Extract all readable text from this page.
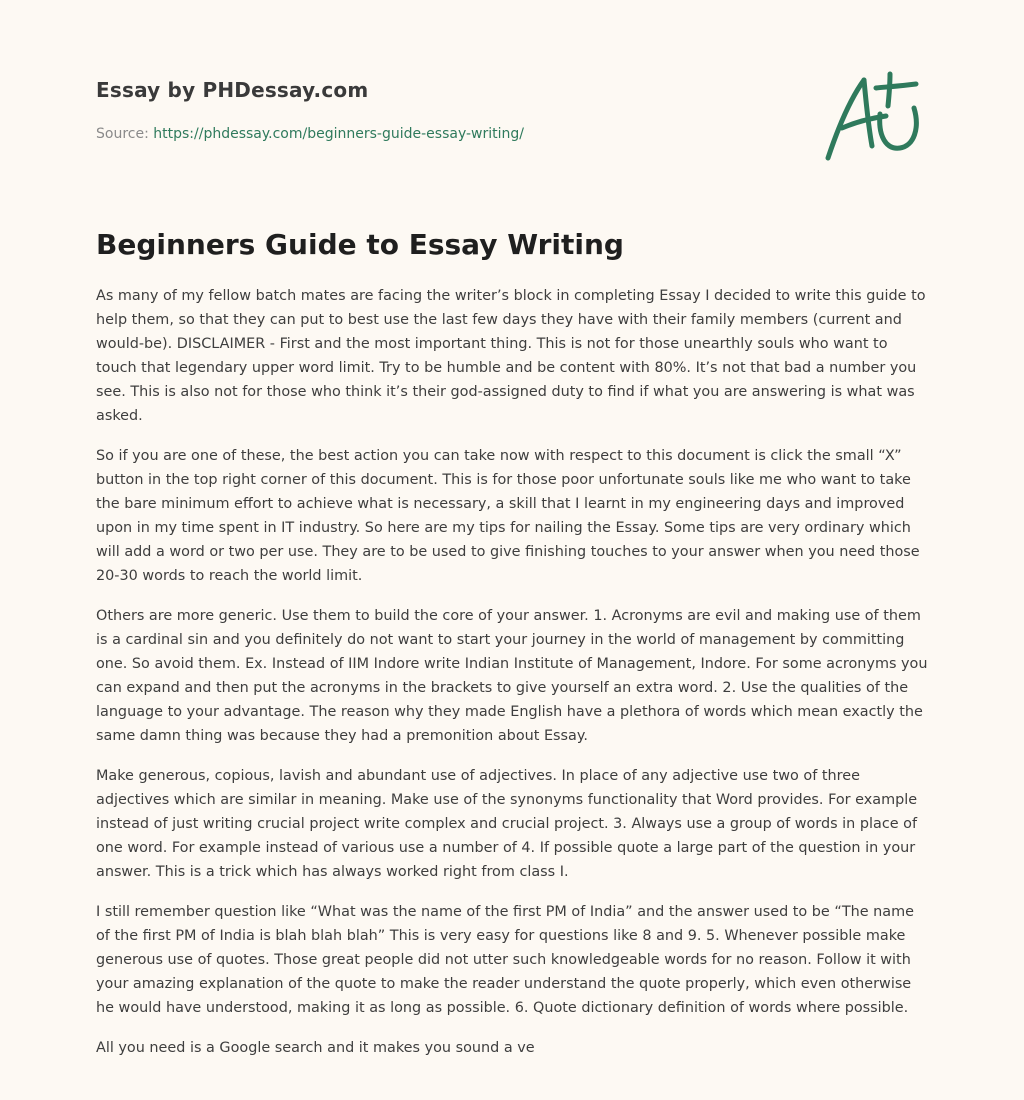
Essay by PHDessay.com
Source: https://phdessay.com/beginners-guide-essay-writing/
Beginners Guide to Essay Writing

As many of my fellow batch mates are facing the writer’s block in completing Essay I decided to write this guide to help them, so that they can put to best use the last few days they have with their family members (current and would-be). DISCLAIMER - First and the most important thing. This is not for those unearthly souls who want to touch that legendary upper word limit. Try to be humble and be content with 80%. It’s not that bad a number you see. This is also not for those who think it’s their god-assigned duty to find if what you are answering is what was asked.

So if you are one of these, the best action you can take now with respect to this document is click the small “X” button in the top right corner of this document. This is for those poor unfortunate souls like me who want to take the bare minimum effort to achieve what is necessary, a skill that I learnt in my engineering days and improved upon in my time spent in IT industry. So here are my tips for nailing the Essay. Some tips are very ordinary which will add a word or two per use. They are to be used to give finishing touches to your answer when you need those 20-30 words to reach the world limit.

Others are more generic. Use them to build the core of your answer. 1. Acronyms are evil and making use of them is a cardinal sin and you definitely do not want to start your journey in the world of management by committing one. So avoid them. Ex. Instead of IIM Indore write Indian Institute of Management, Indore. For some acronyms you can expand and then put the acronyms in the brackets to give yourself an extra word. 2. Use the qualities of the language to your advantage. The reason why they made English have a plethora of words which mean exactly the same damn thing was because they had a premonition about Essay.

Make generous, copious, lavish and abundant use of adjectives. In place of any adjective use two of three adjectives which are similar in meaning. Make use of the synonyms functionality that Word provides. For example instead of just writing crucial project write complex and crucial project. 3. Always use a group of words in place of one word. For example instead of various use a number of 4. If possible quote a large part of the question in your answer. This is a trick which has always worked right from class I.

I still remember question like “What was the name of the first PM of India” and the answer used to be “The name of the first PM of India is blah blah blah” This is very easy for questions like 8 and 9. 5. Whenever possible make generous use of quotes. Those great people did not utter such knowledgeable words for no reason. Follow it with your amazing explanation of the quote to make the reader understand the quote properly, which even otherwise he would have understood, making it as long as possible. 6. Quote dictionary definition of words where possible.

All you need is a Google search and it makes you sound a ve
